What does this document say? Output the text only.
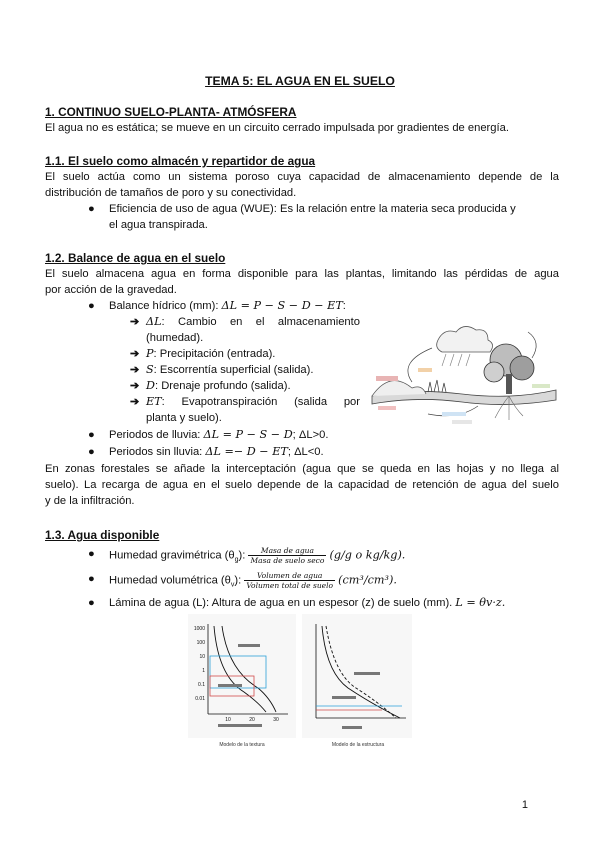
TEMA 5: EL AGUA EN EL SUELO
1. CONTINUO SUELO-PLANTA- ATMÓSFERA
El agua no es estática; se mueve en un circuito cerrado impulsada por gradientes de energía.
1.1. El suelo como almacén y repartidor de agua
El suelo actúa como un sistema poroso cuya capacidad de almacenamiento depende de la
distribución de tamaños de poro y su conectividad.
● Eficiencia de uso de agua (WUE): Es la relación entre la materia seca producida y
el agua transpirada.
1.2. Balance de agua en el suelo
El suelo almacena agua en forma disponible para las plantas, limitando las pérdidas de agua
por acción de la gravedad.
● Balance hídrico (mm): ΔL = P − S − D − ET:
➔ ΔL: Cambio en el almacenamiento
(humedad).
➔ P: Precipitación (entrada).
➔ S: Escorrentía superficial (salida).
➔ D: Drenaje profundo (salida).
➔ ET: Evapotranspiración (salida por
planta y suelo).
● Periodos de lluvia: ΔL = P − S − D; ΔL>0.
● Periodos sin lluvia: ΔL =− D − ET; ΔL<0.
En zonas forestales se añade la interceptación (agua que se queda en las hojas y no llega al
suelo). La recarga de agua en el suelo depende de la capacidad de retención de agua del suelo
y de la infiltración.
1.3. Agua disponible
● Humedad gravimétrica $(\theta_g)$: $\frac{\text{Masa de agua}}{\text{Masa de suelo seco}} (g/g$ o kg/kg).
● Humedad volumétrica $(\theta_v)$: $\frac{\text{Volumen de agua}}{\text{Volumen total de suelo}} (cm^3/cm^3)$.
● Lámina de agua (L): Altura de agua en un espesor (z) de suelo (mm). L = θv·z.
1000
100
10
1
0.1
0.01
10	20	30
Modelo de la textura	Modelo de la estructura
1
